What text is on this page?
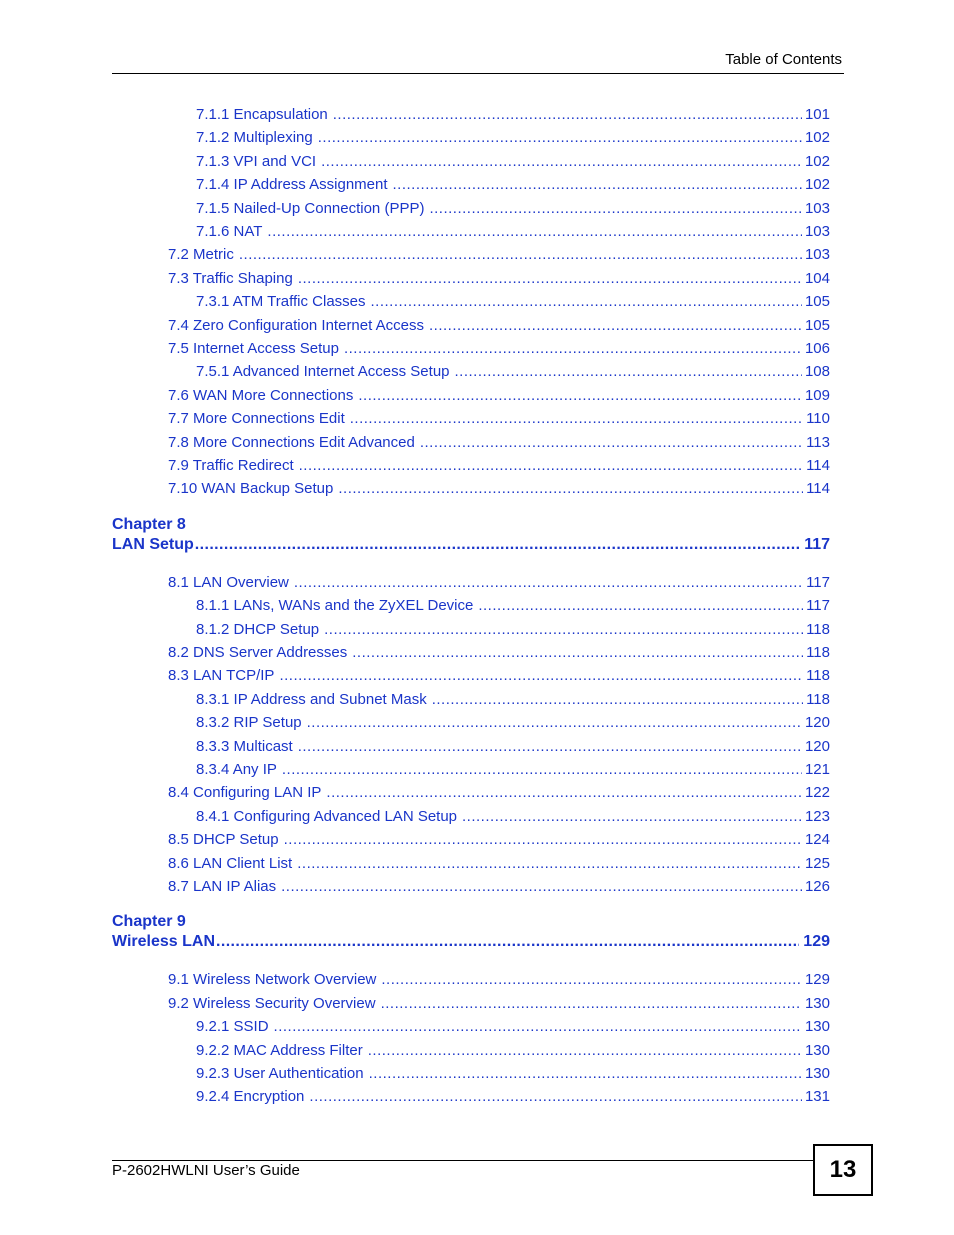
Table of Contents
7.1.1 Encapsulation .....	101
7.1.2 Multiplexing .....	102
7.1.3 VPI and VCI .....	102
7.1.4 IP Address Assignment .....	102
7.1.5 Nailed-Up Connection (PPP) .....	103
7.1.6 NAT .....	103
7.2 Metric .....	103
7.3 Traffic Shaping .....	104
7.3.1 ATM Traffic Classes .....	105
7.4 Zero Configuration Internet Access .....	105
7.5 Internet Access Setup .....	106
7.5.1 Advanced Internet Access Setup .....	108
7.6 WAN More Connections .....	109
7.7 More Connections Edit .....	110
7.8 More Connections Edit Advanced .....	113
7.9 Traffic Redirect .....	114
7.10 WAN Backup Setup .....	114
Chapter 8
LAN Setup .....	117
8.1 LAN Overview .....	117
8.1.1 LANs, WANs and the ZyXEL Device .....	117
8.1.2 DHCP Setup .....	118
8.2 DNS Server Addresses .....	118
8.3 LAN TCP/IP .....	118
8.3.1 IP Address and Subnet Mask .....	118
8.3.2 RIP Setup .....	120
8.3.3 Multicast .....	120
8.3.4 Any IP .....	121
8.4 Configuring LAN IP .....	122
8.4.1 Configuring Advanced LAN Setup .....	123
8.5 DHCP Setup .....	124
8.6 LAN Client List .....	125
8.7 LAN IP Alias .....	126
Chapter 9
Wireless LAN .....	129
9.1 Wireless Network Overview .....	129
9.2 Wireless Security Overview .....	130
9.2.1 SSID .....	130
9.2.2 MAC Address Filter .....	130
9.2.3 User Authentication .....	130
9.2.4 Encryption .....	131
P-2602HWLNI User’s Guide	13
